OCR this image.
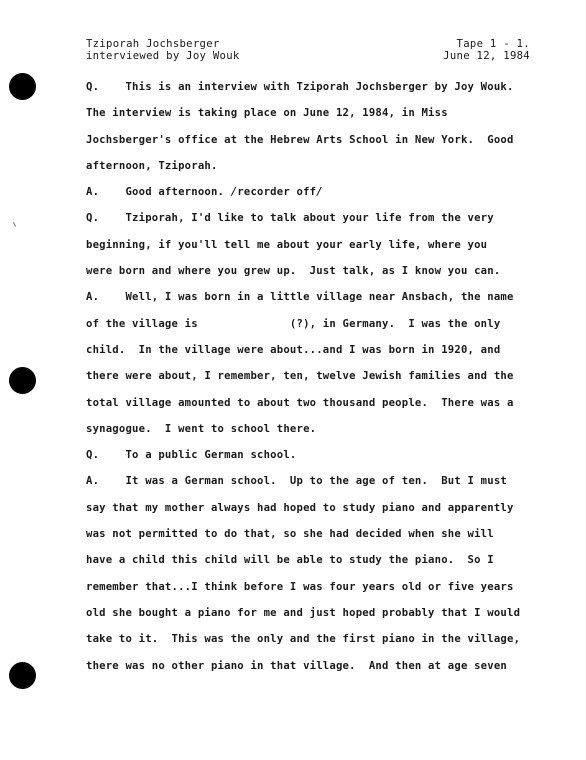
Tziporah Jochsberger
interviewed by Joy Wouk
Tape 1 - 1.
June 12, 1984
Q.    This is an interview with Tziporah Jochsberger by Joy Wouk.
The interview is taking place on June 12, 1984, in Miss
Jochsberger's office at the Hebrew Arts School in New York.  Good
afternoon, Tziporah.
A.    Good afternoon. / recorder off /
Q.    Tziporah, I'd like to talk about your life from the very
beginning, if you'll tell me about your early life, where you
were born and where you grew up.  Just talk, as I know you can.
A.    Well, I was born in a little village near Ansbach, the name
of the village is              (?), in Germany.  I was the only
child.  In the village were about...and I was born in 1920, and
there were about, I remember, ten, twelve Jewish families and the
total village amounted to about two thousand people.  There was a
synagogue.  I went to school there.
Q.    To a public German school.
A.    It was a German school.  Up to the age of ten.  But I must
say that my mother always had hoped to study piano and apparently
was not permitted to do that, so she had decided when she will
have a child this child will be able to study the piano.  So I
remember that...I think before I was four years old or five years
old she bought a piano for me and just hoped probably that I would
take to it.  This was the only and the first piano in the village,
there was no other piano in that village.  And then at age seven
